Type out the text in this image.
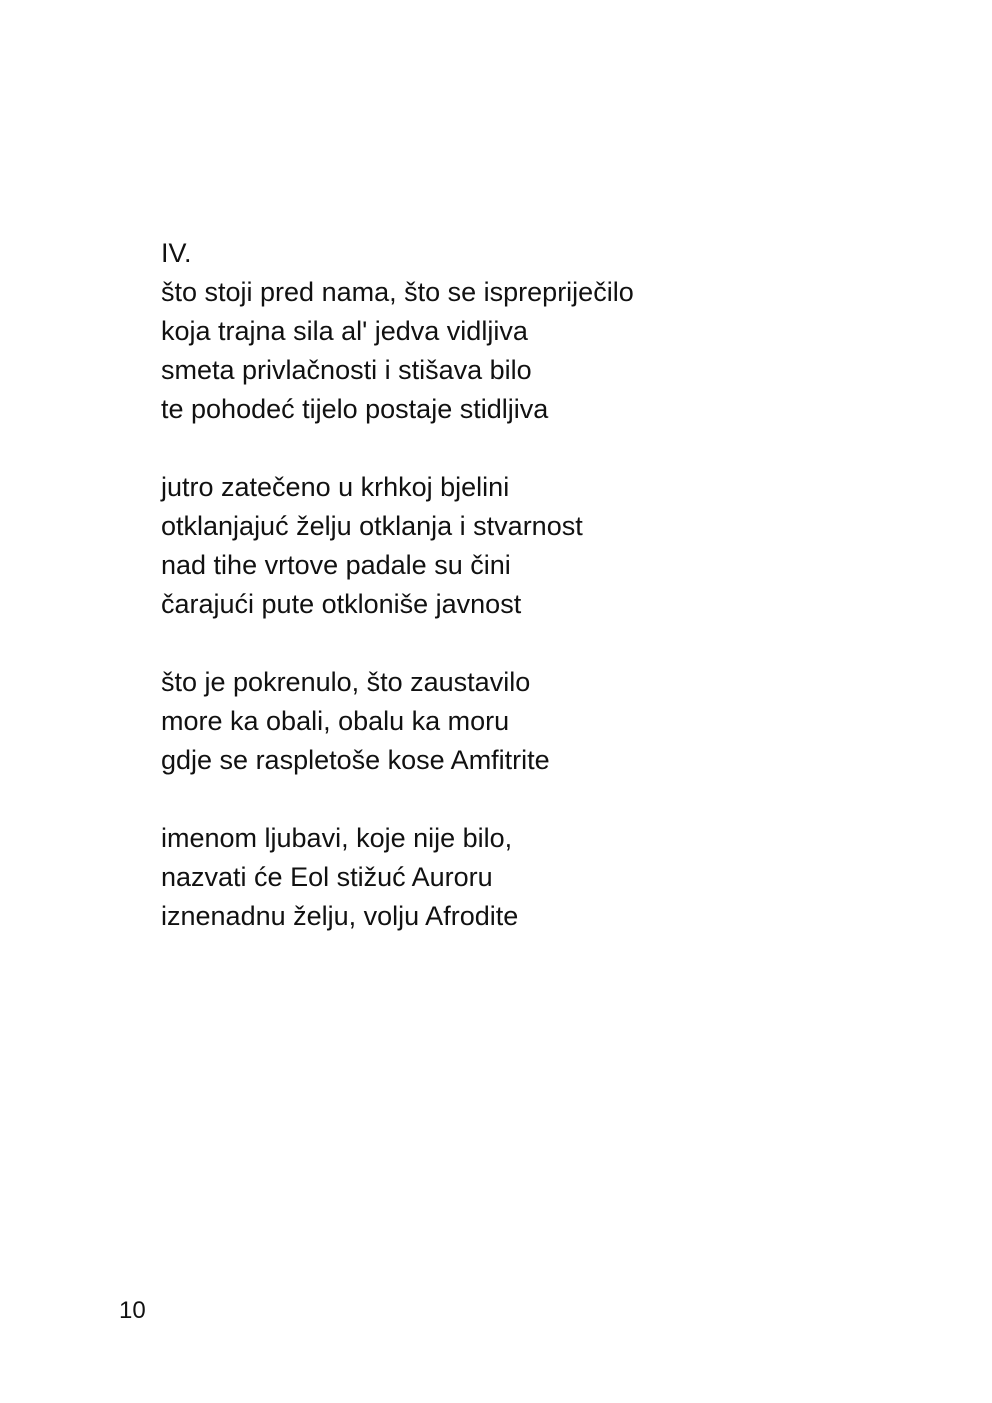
IV.
što stoji pred nama, što se isprepriječilo
koja trajna sila al' jedva vidljiva
smeta privlačnosti i stišava bilo
te pohodeć tijelo postaje stidljiva
jutro zatečeno u krhkoj bjelini
otklanjajuć želju otklanja i stvarnost
nad tihe vrtove padale su čini
čarajući pute otkloniše javnost
što je pokrenulo, što zaustavilo
more ka obali, obalu ka moru
gdje se raspletoše kose Amfitrite
imenom ljubavi, koje nije bilo,
nazvati će Eol stižuć Auroru
iznenadnu želju, volju Afrodite
10
